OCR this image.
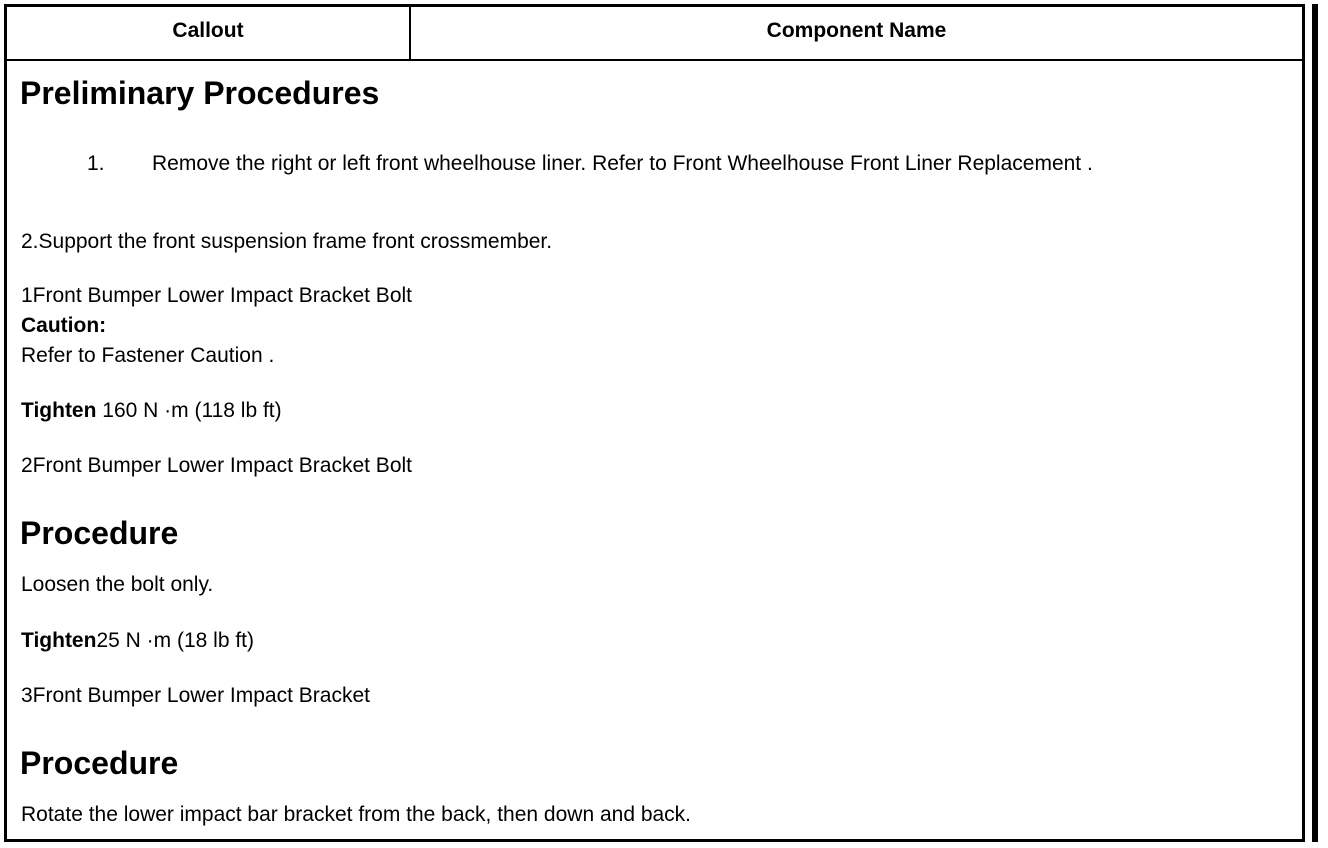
Callout	Component Name
Preliminary Procedures
1. Remove the right or left front wheelhouse liner. Refer to Front Wheelhouse Front Liner Replacement .
2.Support the front suspension frame front crossmember.
1Front Bumper Lower Impact Bracket Bolt
Caution:
Refer to Fastener Caution .
Tighten 160 N ·m (118 lb ft)
2Front Bumper Lower Impact Bracket Bolt
Procedure
Loosen the bolt only.
Tighten25 N ·m (18 lb ft)
3Front Bumper Lower Impact Bracket
Procedure
Rotate the lower impact bar bracket from the back, then down and back.
